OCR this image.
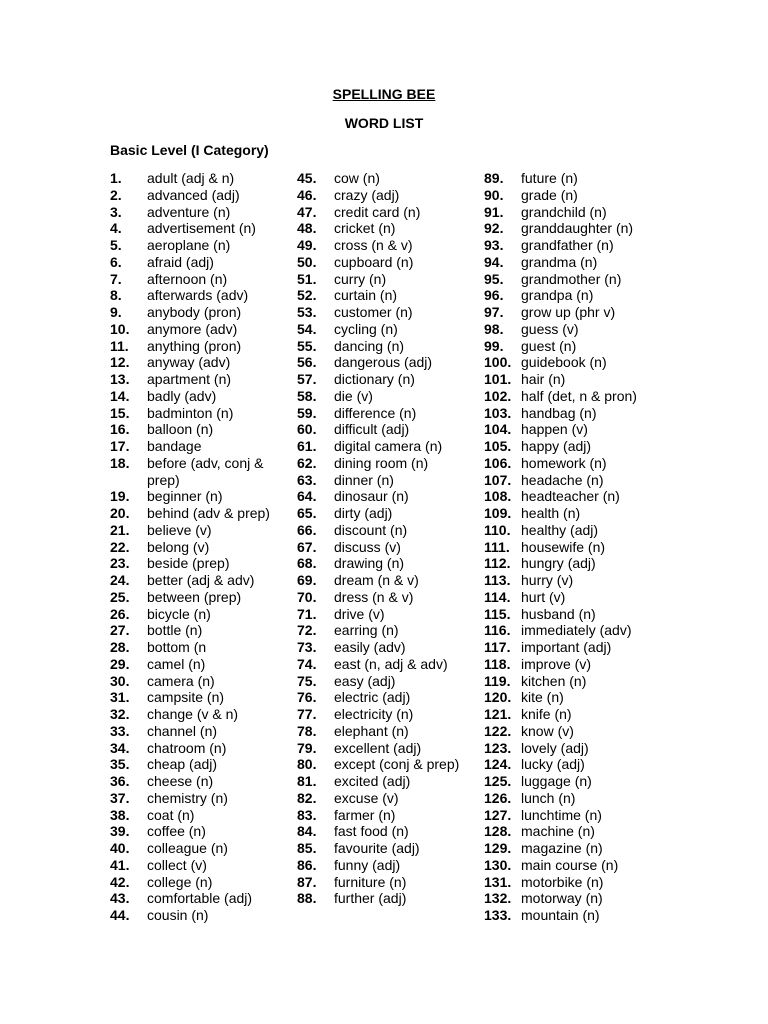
SPELLING BEE
WORD LIST
Basic Level (I Category)
1.	adult (adj & n)
2.	advanced (adj)
3.	adventure (n)
4.	advertisement (n)
5.	aeroplane (n)
6.	afraid (adj)
7.	afternoon (n)
8.	afterwards (adv)
9.	anybody (pron)
10.	anymore (adv)
11.	anything (pron)
12.	anyway (adv)
13.	apartment (n)
14.	badly (adv)
15.	badminton (n)
16.	balloon (n)
17.	bandage
18.	before (adv, conj & prep)
19.	beginner (n)
20.	behind (adv & prep)
21.	believe (v)
22.	belong (v)
23.	beside (prep)
24.	better (adj & adv)
25.	between (prep)
26.	bicycle (n)
27.	bottle (n)
28.	bottom (n
29.	camel (n)
30.	camera (n)
31.	campsite (n)
32.	change (v & n)
33.	channel (n)
34.	chatroom (n)
35.	cheap (adj)
36.	cheese (n)
37.	chemistry (n)
38.	coat (n)
39.	coffee (n)
40.	colleague (n)
41.	collect (v)
42.	college (n)
43.	comfortable (adj)
44.	cousin (n)
45.	cow (n)
46.	crazy (adj)
47.	credit card (n)
48.	cricket (n)
49.	cross (n & v)
50.	cupboard (n)
51.	curry (n)
52.	curtain (n)
53.	customer (n)
54.	cycling (n)
55.	dancing (n)
56.	dangerous (adj)
57.	dictionary (n)
58.	die (v)
59.	difference (n)
60.	difficult (adj)
61.	digital camera (n)
62.	dining room (n)
63.	dinner (n)
64.	dinosaur (n)
65.	dirty (adj)
66.	discount (n)
67.	discuss (v)
68.	drawing (n)
69.	dream (n & v)
70.	dress (n & v)
71.	drive (v)
72.	earring (n)
73.	easily (adv)
74.	east (n, adj & adv)
75.	easy (adj)
76.	electric (adj)
77.	electricity (n)
78.	elephant (n)
79.	excellent (adj)
80.	except (conj & prep)
81.	excited (adj)
82.	excuse (v)
83.	farmer (n)
84.	fast food (n)
85.	favourite (adj)
86.	funny (adj)
87.	furniture (n)
88.	further (adj)
89.	future (n)
90.	grade (n)
91.	grandchild (n)
92.	granddaughter (n)
93.	grandfather (n)
94.	grandma (n)
95.	grandmother (n)
96.	grandpa (n)
97.	grow up (phr v)
98.	guess (v)
99.	guest (n)
100. guidebook (n)
101. hair (n)
102. half (det, n & pron)
103. handbag (n)
104. happen (v)
105. happy (adj)
106. homework (n)
107. headache (n)
108. headteacher (n)
109. health (n)
110. healthy (adj)
111. housewife (n)
112. hungry (adj)
113. hurry (v)
114. hurt (v)
115. husband (n)
116. immediately (adv)
117. important (adj)
118. improve (v)
119. kitchen (n)
120. kite (n)
121. knife (n)
122. know (v)
123. lovely (adj)
124. lucky (adj)
125. luggage (n)
126. lunch (n)
127. lunchtime (n)
128. machine (n)
129. magazine (n)
130. main course (n)
131. motorbike (n)
132. motorway (n)
133. mountain (n)
